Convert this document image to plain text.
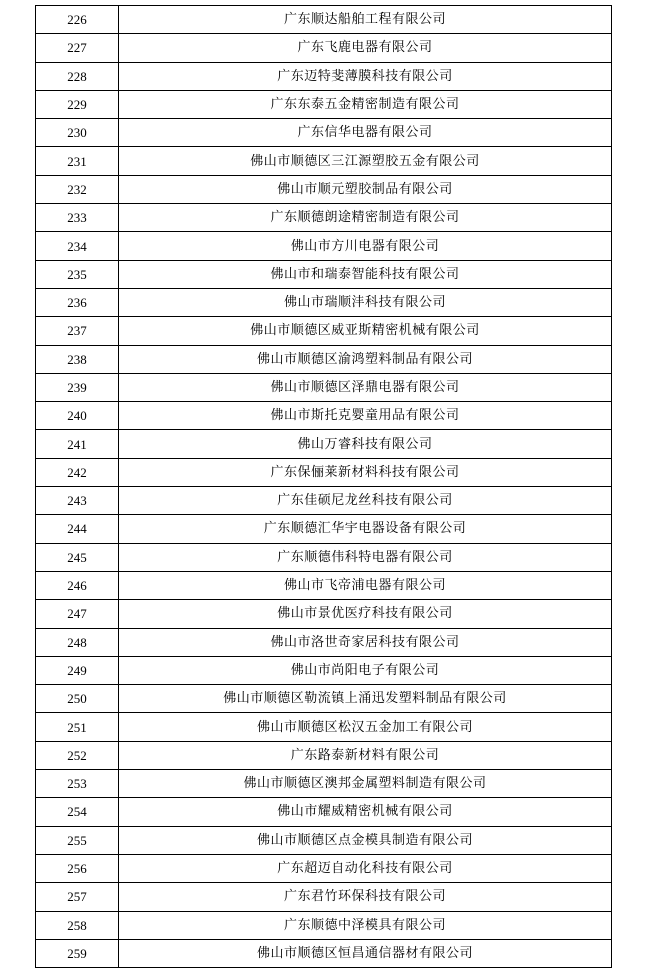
226	广东顺达船舶工程有限公司
227	广东飞鹿电器有限公司
228	广东迈特斐薄膜科技有限公司
229	广东东泰五金精密制造有限公司
230	广东信华电器有限公司
231	佛山市顺德区三江源塑胶五金有限公司
232	佛山市顺元塑胶制品有限公司
233	广东顺德朗途精密制造有限公司
234	佛山市方川电器有限公司
235	佛山市和瑞泰智能科技有限公司
236	佛山市瑞顺沣科技有限公司
237	佛山市顺德区威亚斯精密机械有限公司
238	佛山市顺德区渝鸿塑料制品有限公司
239	佛山市顺德区泽鼎电器有限公司
240	佛山市斯托克婴童用品有限公司
241	佛山万睿科技有限公司
242	广东保俪莱新材料科技有限公司
243	广东佳硕尼龙丝科技有限公司
244	广东顺德汇华宇电器设备有限公司
245	广东顺德伟科特电器有限公司
246	佛山市飞帝浦电器有限公司
247	佛山市景优医疗科技有限公司
248	佛山市洛世奇家居科技有限公司
249	佛山市尚阳电子有限公司
250	佛山市顺德区勒流镇上涌迅发塑料制品有限公司
251	佛山市顺德区松汉五金加工有限公司
252	广东路泰新材料有限公司
253	佛山市顺德区澳邦金属塑料制造有限公司
254	佛山市耀威精密机械有限公司
255	佛山市顺德区点金模具制造有限公司
256	广东超迈自动化科技有限公司
257	广东君竹环保科技有限公司
258	广东顺德中泽模具有限公司
259	佛山市顺德区恒昌通信器材有限公司
